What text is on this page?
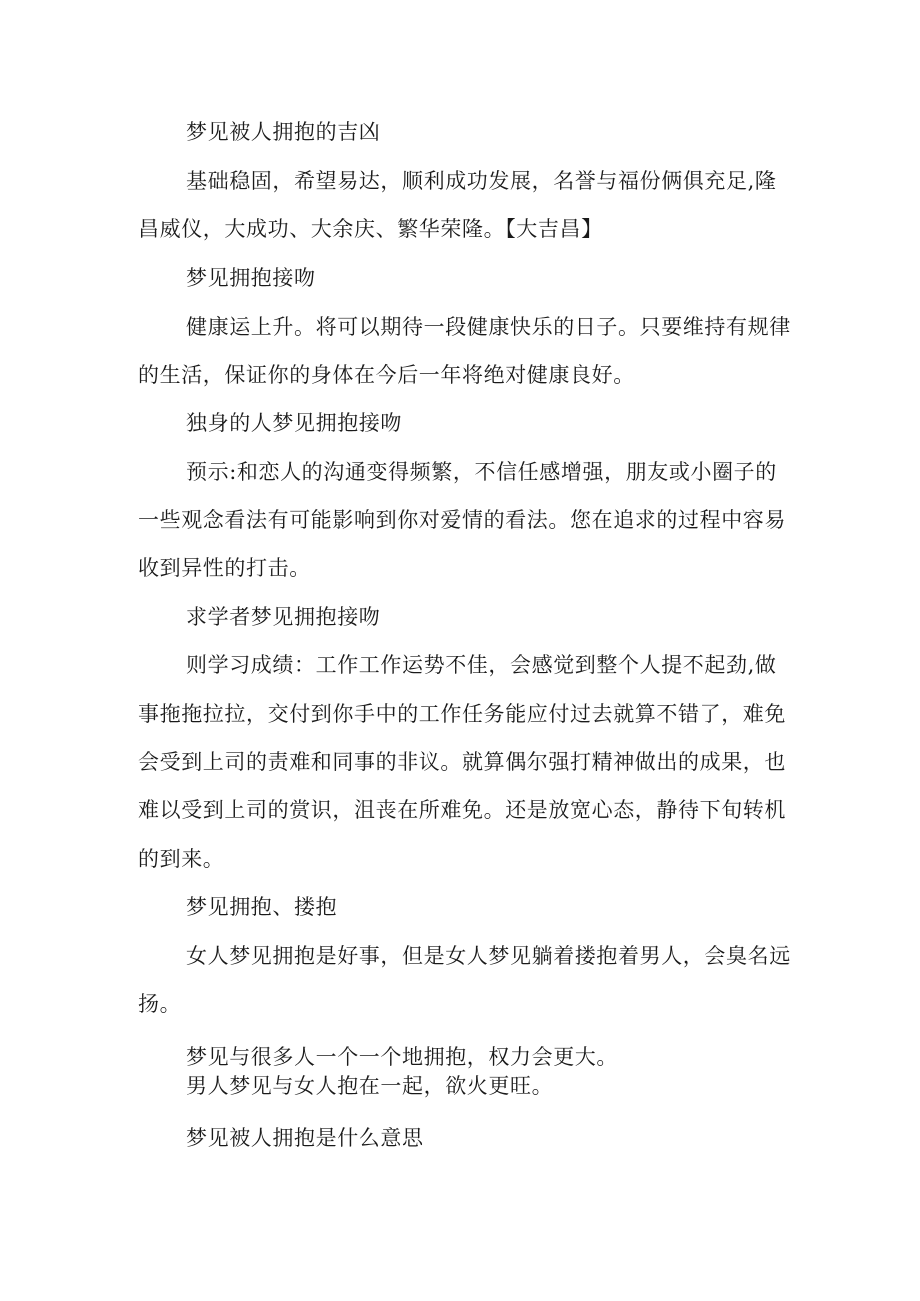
梦见被人拥抱的吉凶
基础稳固，希望易达，顺利成功发展，名誉与福份俩俱充足,隆
昌威仪，大成功、大余庆、繁华荣隆。【大吉昌】
梦见拥抱接吻
健康运上升。将可以期待一段健康快乐的日子。只要维持有规律
的生活，保证你的身体在今后一年将绝对健康良好。
独身的人梦见拥抱接吻
预示:和恋人的沟通变得频繁，不信任感增强，朋友或小圈子的
一些观念看法有可能影响到你对爱情的看法。您在追求的过程中容易
收到异性的打击。
求学者梦见拥抱接吻
则学习成绩：工作工作运势不佳，会感觉到整个人提不起劲,做
事拖拖拉拉，交付到你手中的工作任务能应付过去就算不错了，难免
会受到上司的责难和同事的非议。就算偶尔强打精神做出的成果，也
难以受到上司的赏识，沮丧在所难免。还是放宽心态，静待下旬转机
的到来。
梦见拥抱、搂抱
女人梦见拥抱是好事，但是女人梦见躺着搂抱着男人，会臭名远
扬。
梦见与很多人一个一个地拥抱，权力会更大。
男人梦见与女人抱在一起，欲火更旺。
梦见被人拥抱是什么意思
